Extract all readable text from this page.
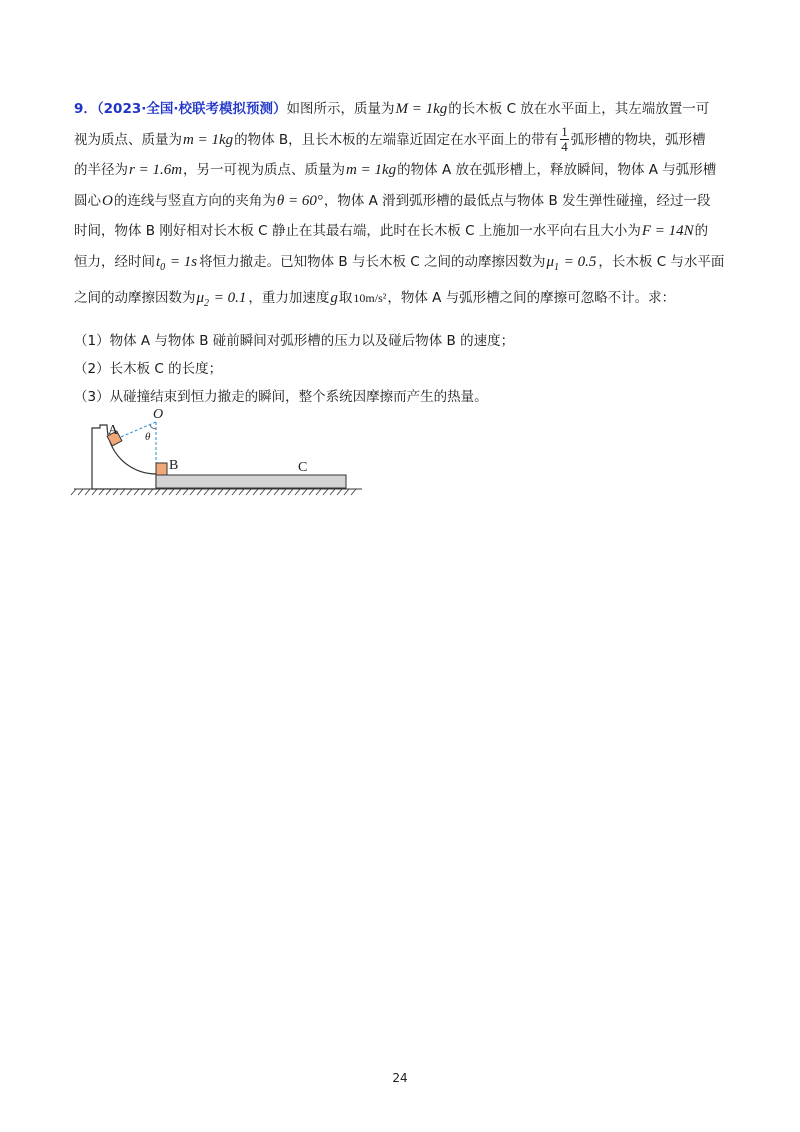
9．（2023·全国·校联考模拟预测）如图所示，质量为M = 1kg的长木板 C 放在水平面上，其左端放置一可

视为质点、质量为m = 1kg的物体 B，且长木板的左端靠近固定在水平面上的带有 $\frac{1}{4}$ 弧形槽的物块，弧形槽

的半径为r = 1.6m，另一可视为质点、质量为m = 1kg的物体 A 放在弧形槽上，释放瞬间，物体 A 与弧形槽

圆心O的连线与竖直方向的夹角为θ = 60°，物体 A 滑到弧形槽的最低点与物体 B 发生弹性碰撞，经过一段

时间，物体 B 刚好相对长木板 C 静止在其最右端，此时在长木板 C 上施加一水平向右且大小为F = 14N的

恒力，经时间$t_0 = 1s$ 将恒力撤走。已知物体 B 与长木板 C 之间的动摩擦因数为$\mu_1 = 0.5$ ，长木板 C 与水平面

之间的动摩擦因数为$\mu_2 = 0.1$ ，重力加速度g取10m/s²，物体 A 与弧形槽之间的摩擦可忽略不计。求：

（1）物体 A 与物体 B 碰前瞬间对弧形槽的压力以及碰后物体 B 的速度；
（2）长木板 C 的长度；
（3）从碰撞结束到恒力撤走的瞬间，整个系统因摩擦而产生的热量。
O
A
B	C
θ
24
